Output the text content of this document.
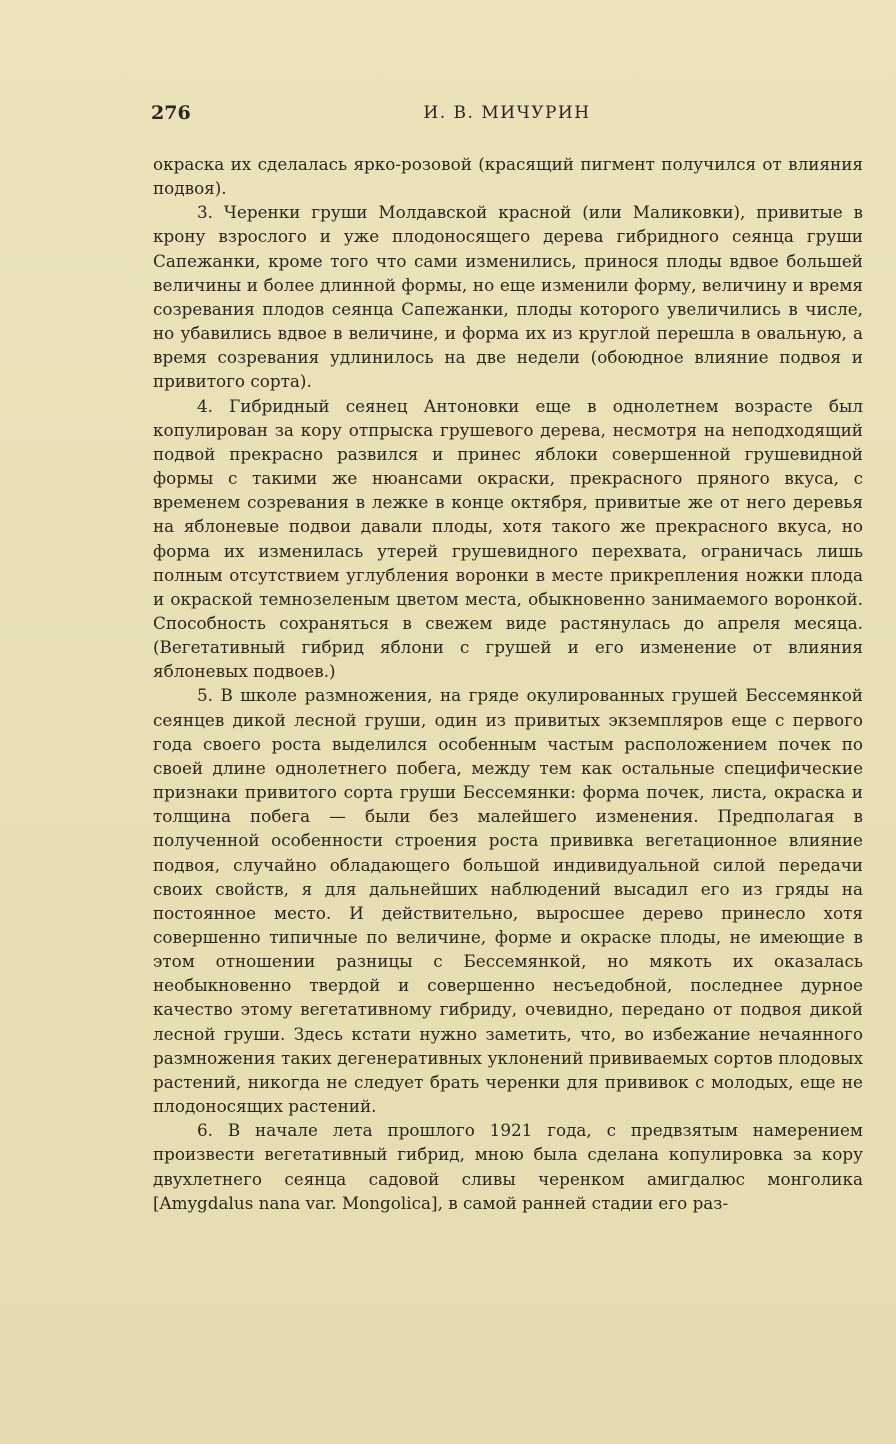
276	И. В. МИЧУРИН

окраска их сделалась ярко-розовой (красящий пигмент получился от влияния подвоя).

3. Черенки груши Молдавской красной (или Маликовки), привитые в крону взрослого и уже плодоносящего дерева гибридного сеянца груши Сапежанки, кроме того что сами изменились, принося плоды вдвое большей величины и более длинной формы, но еще изменили форму, величину и время созревания плодов сеянца Сапежанки, плоды которого увеличились в числе, но убавились вдвое в величине, и форма их из круглой перешла в овальную, а время созревания удлинилось на две недели (обоюдное влияние подвоя и привитого сорта).

4. Гибридный сеянец Антоновки еще в однолетнем возрасте был копулирован за кору отпрыска грушевого дерева, несмотря на неподходящий подвой прекрасно развился и принес яблоки совершенной грушевидной формы с такими же нюансами окраски, прекрасного пряного вкуса, с временем созревания в лежке в конце октября, привитые же от него деревья на яблоневые подвои давали плоды, хотя такого же прекрасного вкуса, но форма их изменилась утерей грушевидного перехвата, ограничась лишь полным отсутствием углубления воронки в месте прикрепления ножки плода и окраской темнозеленым цветом места, обыкновенно занимаемого воронкой. Способность сохраняться в свежем виде растянулась до апреля месяца. (Вегетативный гибрид яблони с грушей и его изменение от влияния яблоневых подвоев.)

5. В школе размножения, на гряде окулированных грушей Бессемянкой сеянцев дикой лесной груши, один из привитых экземпляров еще с первого года своего роста выделился особенным частым расположением почек по своей длине однолетнего побега, между тем как остальные специфические признаки привитого сорта груши Бессемянки: форма почек, листа, окраска и толщина побега — были без малейшего изменения. Предполагая в полученной особенности строения роста прививка вегетационное влияние подвоя, случайно обладающего большой индивидуальной силой передачи своих свойств, я для дальнейших наблюдений высадил его из гряды на постоянное место. И действительно, выросшее дерево принесло хотя совершенно типичные по величине, форме и окраске плоды, не имеющие в этом отношении разницы с Бессемянкой, но мякоть их оказалась необыкновенно твердой и совершенно несъедобной, последнее дурное качество этому вегетативному гибриду, очевидно, передано от подвоя дикой лесной груши. Здесь кстати нужно заметить, что, во избежание нечаянного размножения таких дегенеративных уклонений прививаемых сортов плодовых растений, никогда не следует брать черенки для прививок с молодых, еще не плодоносящих растений.

6. В начале лета прошлого 1921 года, с предвзятым намерением произвести вегетативный гибрид, мною была сделана копулировка за кору двухлетнего сеянца садовой сливы черенком амигдалюс монголика [Amygdalus nana var. Mongolica], в самой ранней стадии его раз-
